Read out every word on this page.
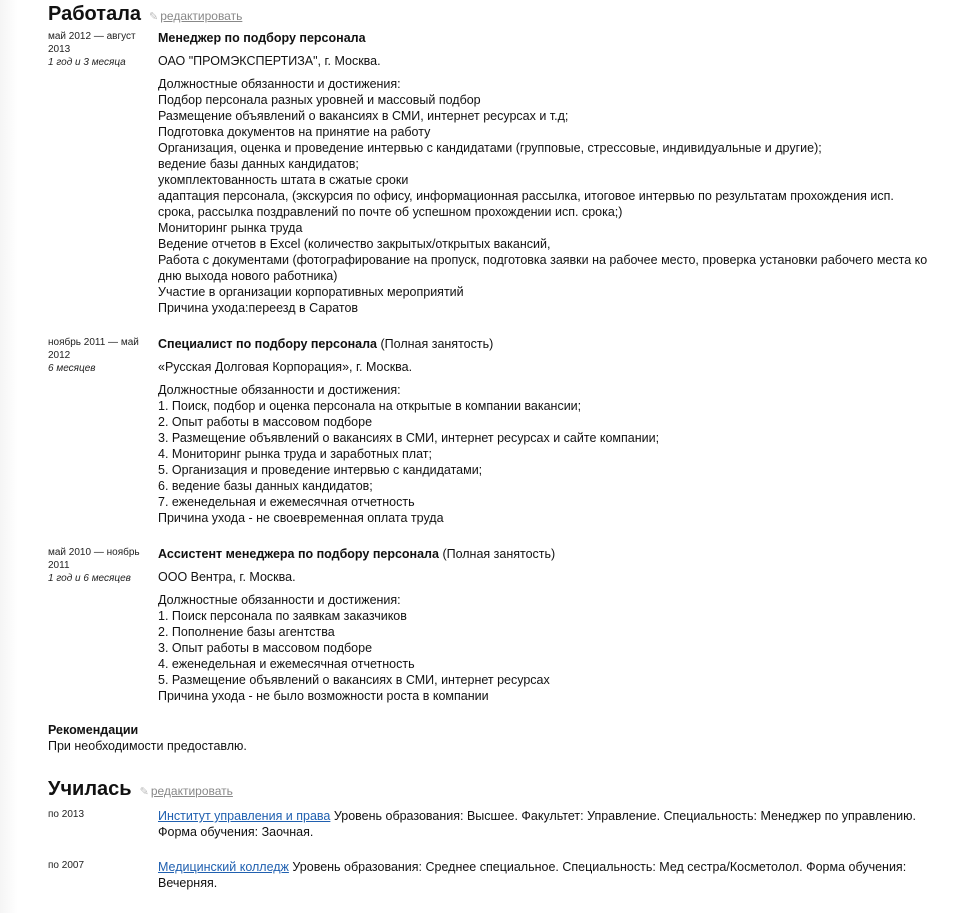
Работала ✎ редактировать
май 2012 — август 2013
1 год и 3 месяца
Менеджер по подбору персонала
ОАО "ПРОМЭКСПЕРТИЗА", г. Москва.
Должностные обязанности и достижения:
Подбор персонала разных уровней и массовый подбор
Размещение объявлений о вакансиях в СМИ, интернет ресурсах и т.д;
Подготовка документов на принятие на работу
Организация, оценка и проведение интервью с кандидатами (групповые, стрессовые, индивидуальные и другие);
ведение базы данных кандидатов;
укомплектованность штата в сжатые сроки
адаптация персонала, (экскурсия по офису, информационная рассылка, итоговое интервью по результатам прохождения исп. срока, рассылка поздравлений по почте об успешном прохождении исп. срока;)
Мониторинг рынка труда
Ведение отчетов в Excel (количество закрытых/открытых вакансий,
Работа с документами (фотографирование на пропуск, подготовка заявки на рабочее место, проверка установки рабочего места ко дню выхода нового работника)
Участие в организации корпоративных мероприятий
Причина ухода:переезд в Саратов
ноябрь 2011 — май 2012
6 месяцев
Специалист по подбору персонала (Полная занятость)
«Русская Долговая Корпорация», г. Москва.
Должностные обязанности и достижения:
1. Поиск, подбор и оценка персонала на открытые в компании вакансии;
2. Опыт работы в массовом подборе
3. Размещение объявлений о вакансиях в СМИ, интернет ресурсах и сайте компании;
4. Мониторинг рынка труда и заработных плат;
5. Организация и проведение интервью с кандидатами;
6. ведение базы данных кандидатов;
7. еженедельная и ежемесячная отчетность
Причина ухода - не своевременная оплата труда
май 2010 — ноябрь 2011
1 год и 6 месяцев
Ассистент менеджера по подбору персонала (Полная занятость)
ООО Вентра, г. Москва.
Должностные обязанности и достижения:
1. Поиск персонала по заявкам заказчиков
2. Пополнение базы агентства
3. Опыт работы в массовом подборе
4. еженедельная и ежемесячная отчетность
5. Размещение объявлений о вакансиях в СМИ, интернет ресурсах
Причина ухода - не было возможности роста в компании
Рекомендации
При необходимости предоставлю.
Училась ✎ редактировать
по 2013	Институт управления и права Уровень образования: Высшее. Факультет: Управление. Специальность: Менеджер по управлению. Форма обучения: Заочная.
по 2007	Медицинский колледж Уровень образования: Среднее специальное. Специальность: Мед сестра/Косметолол. Форма обучения: Вечерняя.
